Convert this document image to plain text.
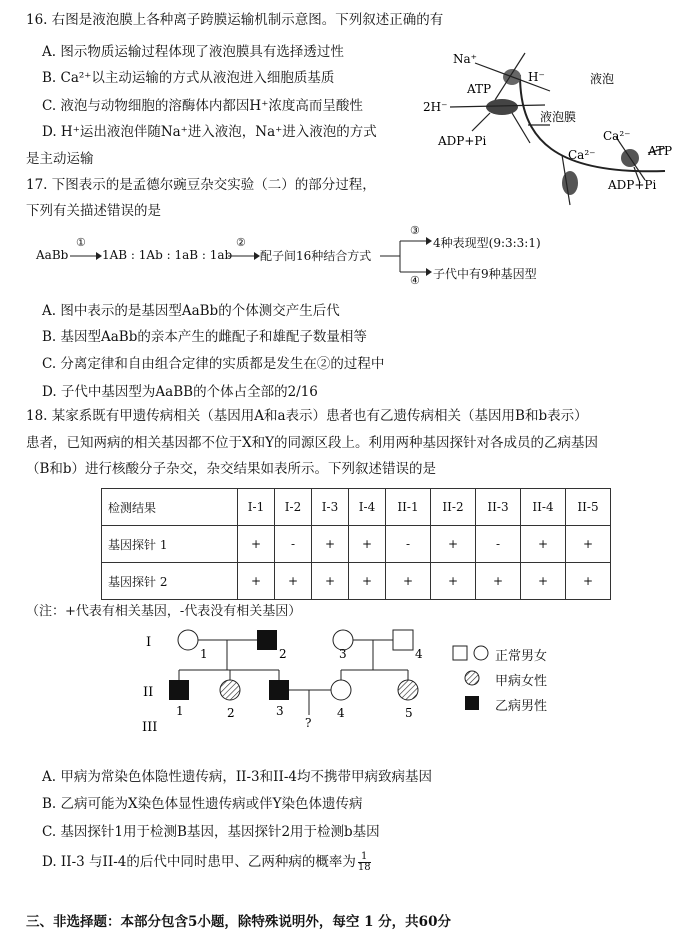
16. 右图是液泡膜上各种离子跨膜运输机制示意图。下列叙述正确的有
A. 图示物质运输过程体现了液泡膜具有选择透过性
B. Ca²⁺以主动运输的方式从液泡进入细胞质基质
C. 液泡与动物细胞的溶酶体内都因H⁺浓度高而呈酸性
D. H⁺运出液泡伴随Na⁺进入液泡，Na⁺进入液泡的方式
是主动运输
Na⁺
H⁻	液泡
ATP
2H⁻
液泡膜
ADP+Pi	Ca²⁻
ATP
Ca²⁻
ADP+Pi
17. 下图表示的是孟德尔豌豆杂交实验（二）的部分过程，
下列有关描述错误的是
AaBb
①
1AB : 1Ab : 1aB : 1ab
②
配子间16种结合方式
③
4种表现型(9:3:3:1)
④ 子代中有9种基因型
A. 图中表示的是基因型AaBb的个体测交产生后代
B. 基因型AaBb的亲本产生的雌配子和雄配子数量相等
C. 分离定律和自由组合定律的实质都是发生在②的过程中
D. 子代中基因型为AaBB的个体占全部的2/16
18. 某家系既有甲遗传病相关（基因用A和a表示）患者也有乙遗传病相关（基因用B和b表示）
患者，已知两病的相关基因都不位于X和Y的同源区段上。利用两种基因探针对各成员的乙病基因
（B和b）进行核酸分子杂交，杂交结果如表所示。下列叙述错误的是
检测结果	I-1	I-2	I-3	I-4	II-1	II-2	II-3	II-4	II-5
基因探针 1	+	-	+	+	-	+	-	+	+
基因探针 2	+	+	+	+	+	+	+	+	+
（注：+代表有相关基因，-代表没有相关基因）
I
II
III
1	2	3	4
1	2	3	4	5
?
正常男女
甲病女性
乙病男性
A. 甲病为常染色体隐性遗传病，II-3和II-4均不携带甲病致病基因
B. 乙病可能为X染色体显性遗传病或伴Y染色体遗传病
C. 基因探针1用于检测B基因，基因探针2用于检测b基因
D. II-3 与II-4的后代中同时患甲、乙两种病的概率为 $\frac{1}{18}$
三、非选择题：本部分包含5小题，除特殊说明外，每空 1 分，共60分
